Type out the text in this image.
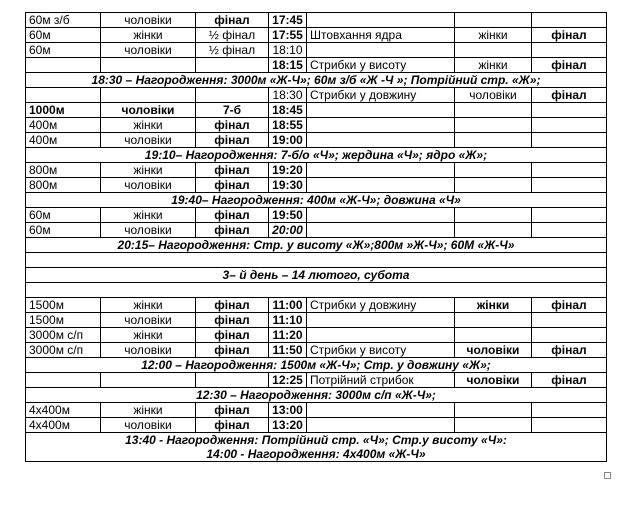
60м з/б	чоловіки	фінал	17:45			
60м	жінки	½ фінал	17:55	Штовхання ядра	жінки	фінал
60м	чоловіки	½ фінал	18:10			
			18:15	Стрибки у висоту	жінки	фінал
18:30 – Нагородження: 3000м «Ж-Ч»; 60м з/б «Ж -Ч »; Потрійний стр. «Ж»;						
			18:30	Стрибки у довжину	чоловіки	фінал
1000м	чоловіки	7-б	18:45			
400м	жінки	фінал	18:55			
400м	чоловіки	фінал	19:00			
19:10– Нагородження: 7-б/о «Ч»; жердина «Ч»; ядро «Ж»;						
800м	жінки	фінал	19:20			
800м	чоловіки	фінал	19:30			
19:40– Нагородження: 400м «Ж-Ч»; довжина «Ч»						
60м	жінки	фінал	19:50			
60м	чоловіки	фінал	20:00			
20:15– Нагородження: Стр. у висоту «Ж»;800м »Ж-Ч»; 60М «Ж-Ч»						

3– й день – 14 лютого, субота						

1500м	жінки	фінал	11:00	Стрибки у довжину	жінки	фінал
1500м	чоловіки	фінал	11:10			
3000м с/п	жінки	фінал	11:20			
3000м с/п	чоловіки	фінал	11:50	Стрибки у висоту	чоловіки	фінал
12:00 – Нагородження: 1500м «Ж-Ч»; Стр. у довжину «Ж»;						
			12:25	Потрійний стрибок	чоловіки	фінал
12:30 – Нагородження: 3000м с/п «Ж-Ч»;						
4х400м	жінки	фінал	13:00			
4х400м	чоловіки	фінал	13:20			

13:40 - Нагородження: Потрійний стр. «Ч»; Стр.у висоту «Ч»:
14:00 - Нагородження: 4х400м «Ж-Ч»						
